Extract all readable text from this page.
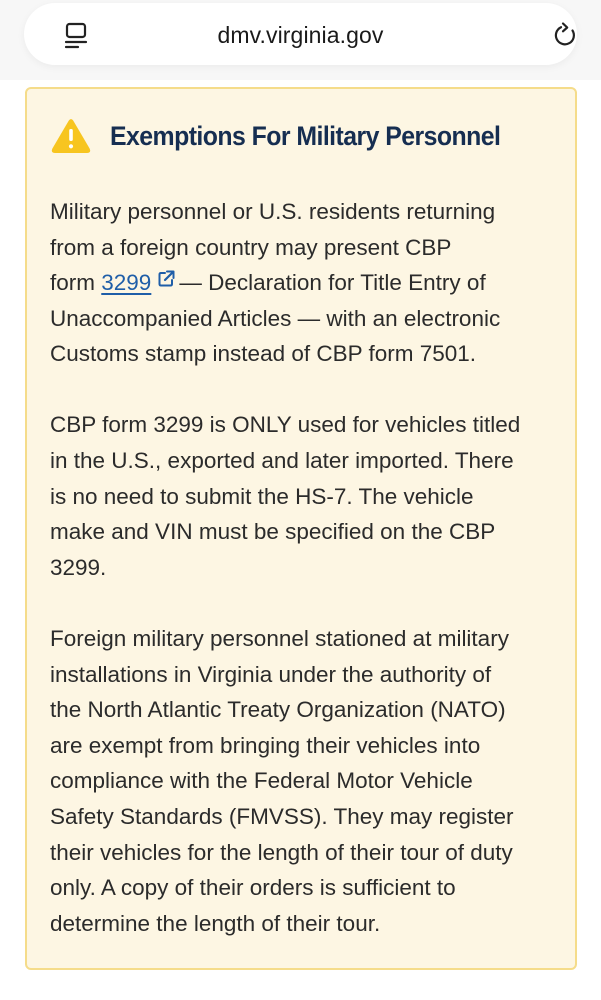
dmv.virginia.gov
Exemptions For Military Personnel

Military personnel or U.S. residents returning
from a foreign country may present CBP
form 3299 — Declaration for Title Entry of
Unaccompanied Articles — with an electronic
Customs stamp instead of CBP form 7501.

CBP form 3299 is ONLY used for vehicles titled
in the U.S., exported and later imported. There
is no need to submit the HS-7. The vehicle
make and VIN must be specified on the CBP
3299.

Foreign military personnel stationed at military
installations in Virginia under the authority of
the North Atlantic Treaty Organization (NATO)
are exempt from bringing their vehicles into
compliance with the Federal Motor Vehicle
Safety Standards (FMVSS). They may register
their vehicles for the length of their tour of duty
only. A copy of their orders is sufficient to
determine the length of their tour.
